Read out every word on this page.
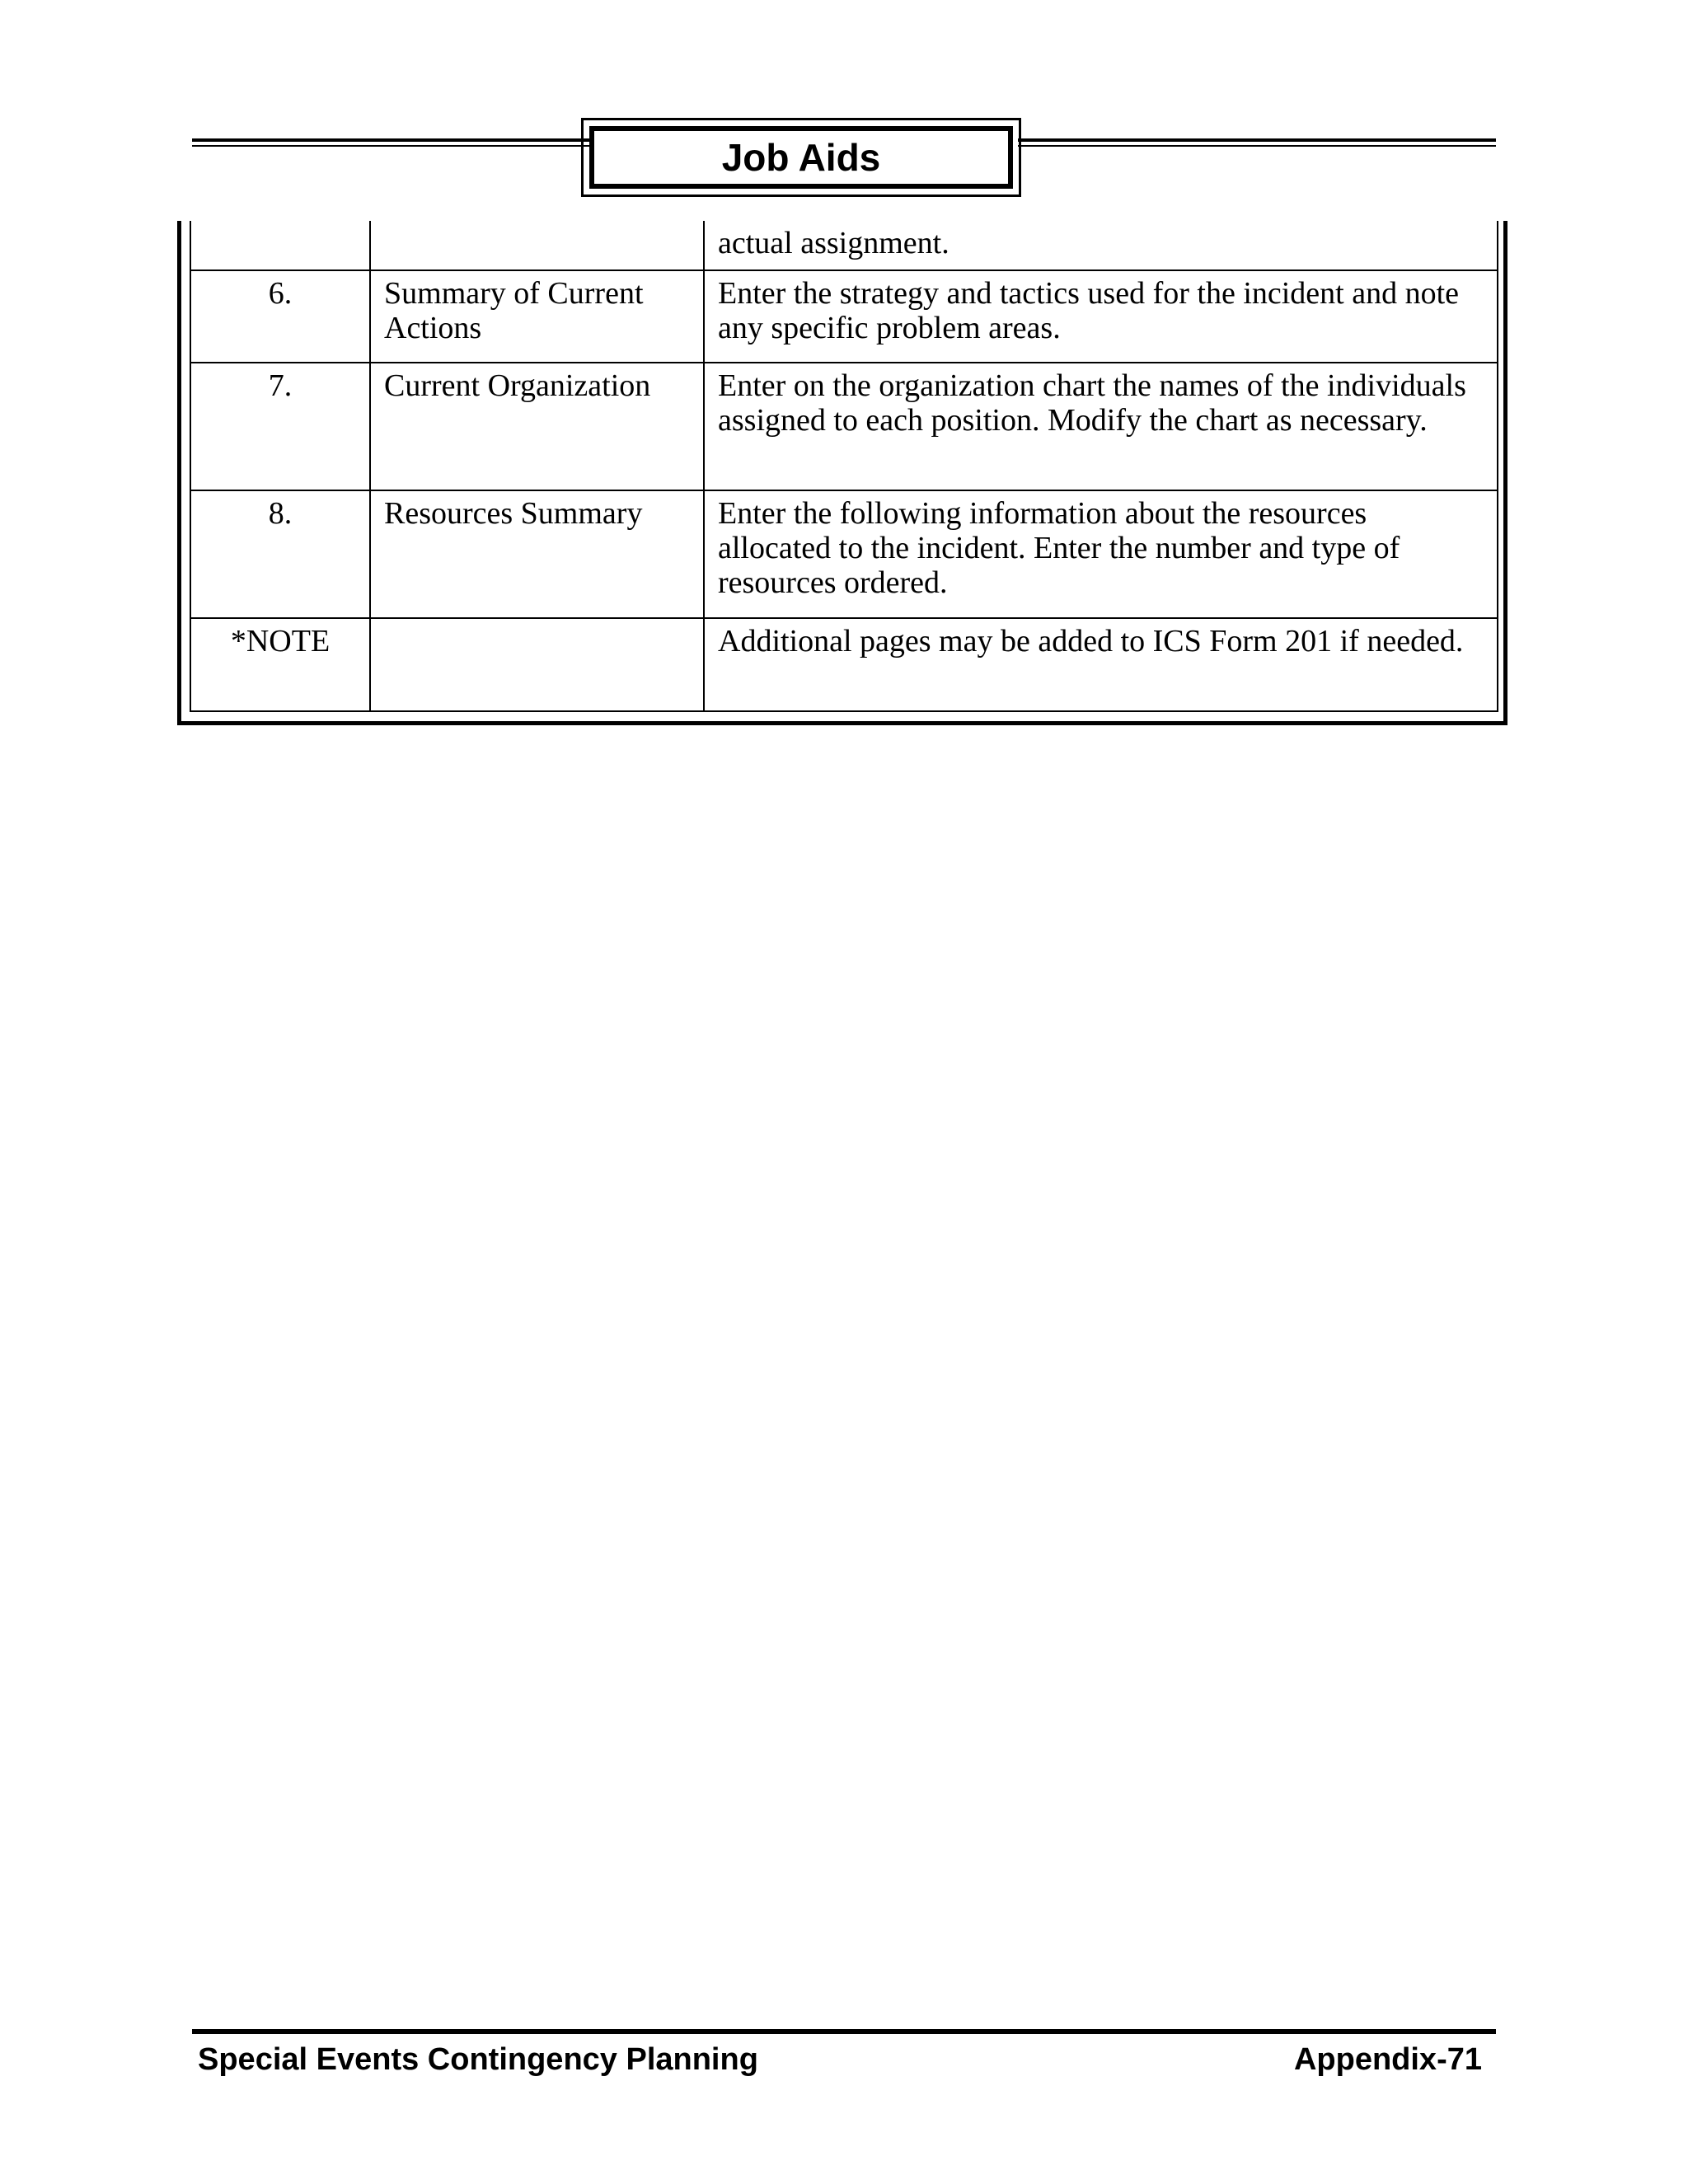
Job Aids
		actual assignment.
6.	Summary of Current Actions	Enter the strategy and tactics used for the incident and note any specific problem areas.
7.	Current Organization	Enter on the organization chart the names of the individuals assigned to each position. Modify the chart as necessary.
8.	Resources Summary	Enter the following information about the resources allocated to the incident. Enter the number and type of resources ordered.
*NOTE		Additional pages may be added to ICS Form 201 if needed.
Special Events Contingency Planning	Appendix-71
